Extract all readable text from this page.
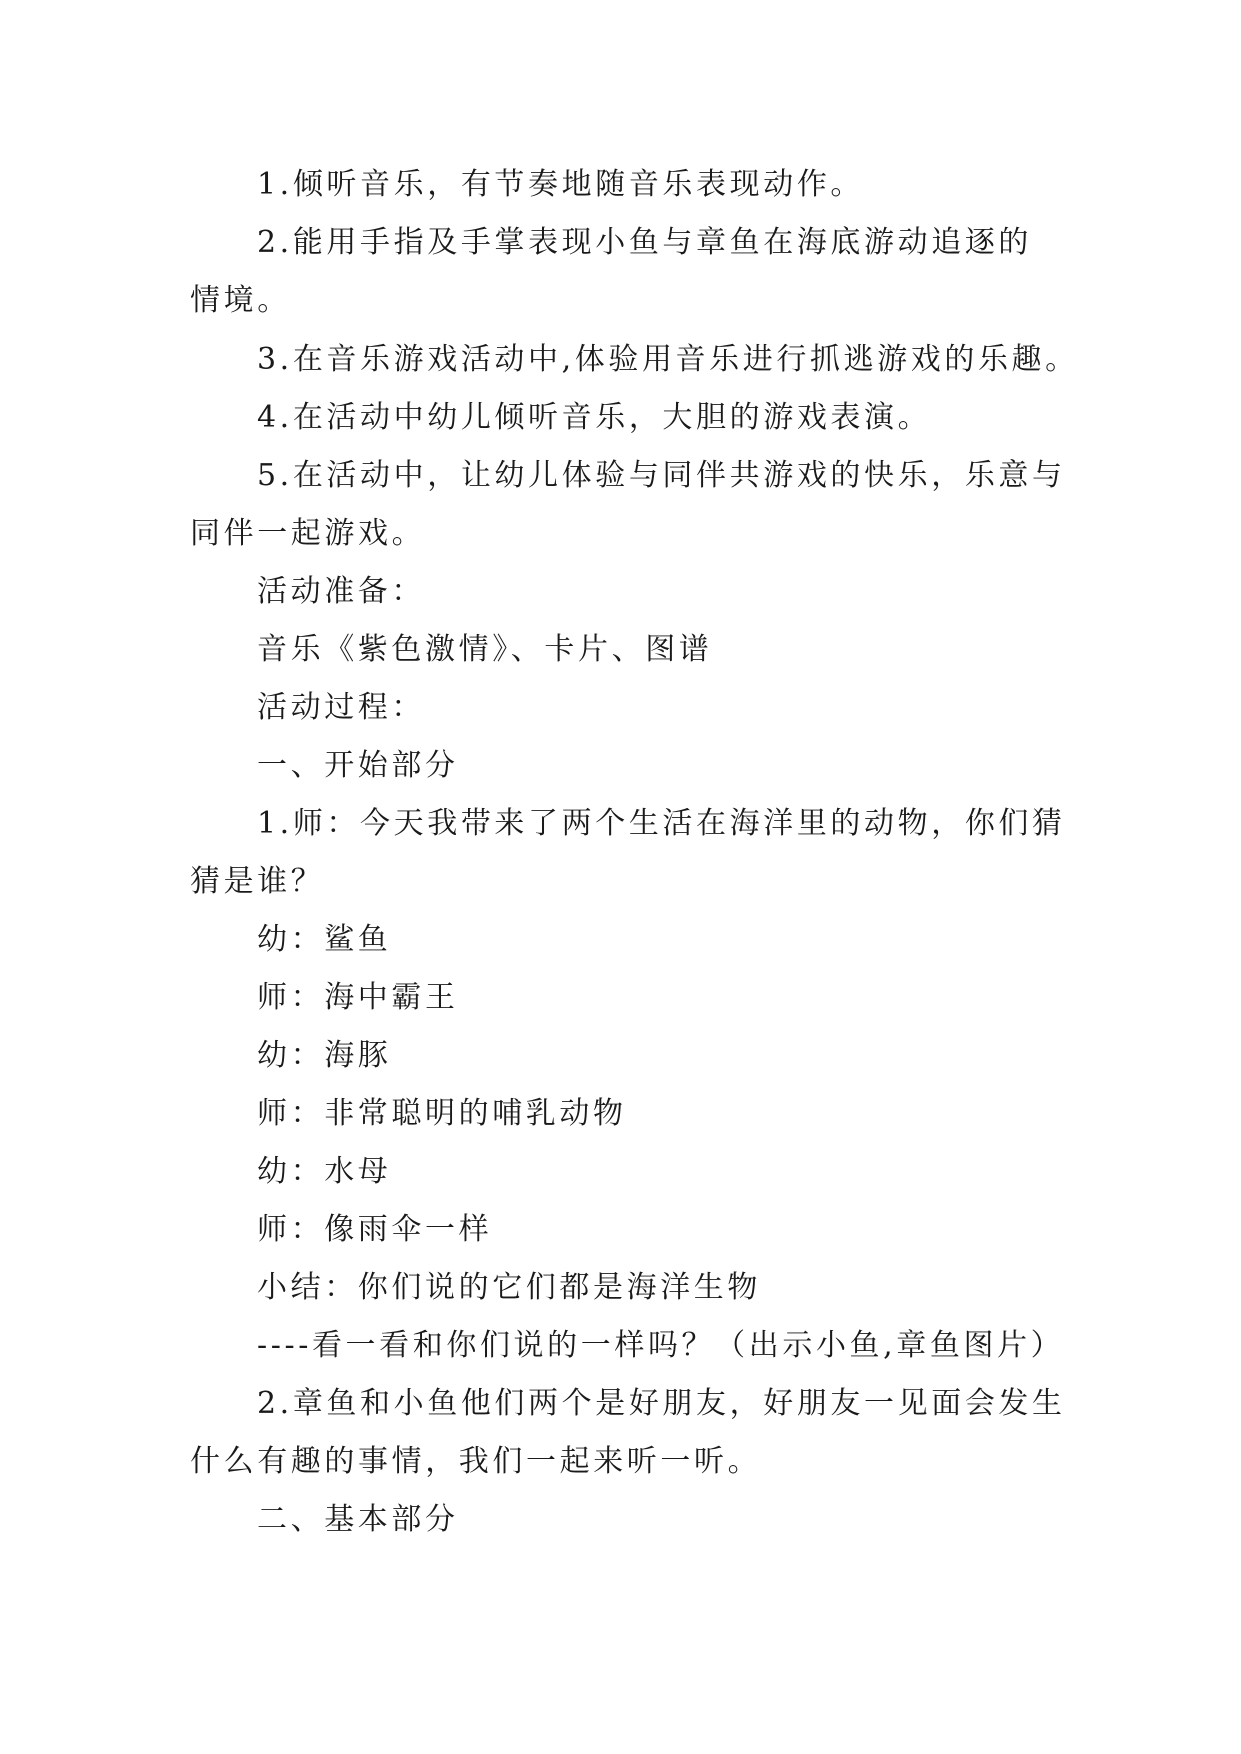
1.倾听音乐，有节奏地随音乐表现动作。
2.能用手指及手掌表现小鱼与章鱼在海底游动追逐的
情境。
3.在音乐游戏活动中,体验用音乐进行抓逃游戏的乐趣。
4.在活动中幼儿倾听音乐，大胆的游戏表演。
5.在活动中，让幼儿体验与同伴共游戏的快乐，乐意与
同伴一起游戏。
活动准备：
音乐《紫色激情》、卡片、图谱
活动过程：
一、开始部分
1.师：今天我带来了两个生活在海洋里的动物，你们猜
猜是谁？
幼：鲨鱼
师：海中霸王
幼：海豚
师：非常聪明的哺乳动物
幼：水母
师：像雨伞一样
小结：你们说的它们都是海洋生物
----看一看和你们说的一样吗？（出示小鱼,章鱼图片）
2.章鱼和小鱼他们两个是好朋友，好朋友一见面会发生
什么有趣的事情，我们一起来听一听。
二、基本部分
